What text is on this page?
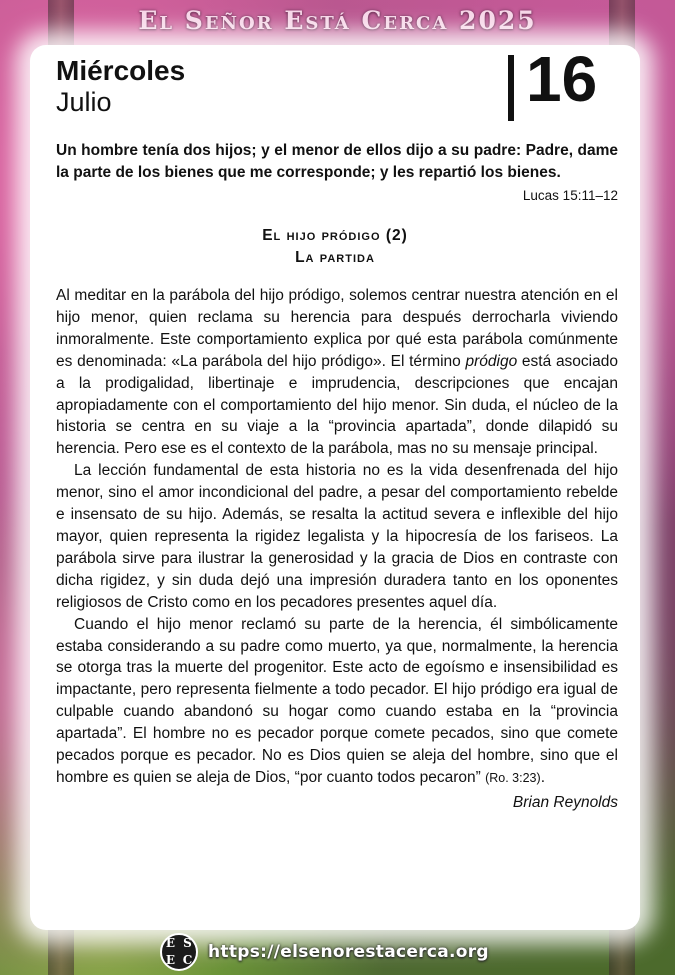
El Señor Está Cerca 2025
Miércoles
Julio	16
Un hombre tenía dos hijos; y el menor de ellos dijo a su padre: Padre, dame la parte de los bienes que me corresponde; y les repartió los bienes.
Lucas 15:11–12
El hijo pródigo (2)
La partida

Al meditar en la parábola del hijo pródigo, solemos centrar nuestra atención en el hijo menor, quien reclama su herencia para después derrocharla viviendo inmoralmente. Este comportamiento explica por qué esta parábola comúnmente es denominada: «La parábola del hijo pródigo». El término pródigo está asociado a la prodigalidad, libertinaje e imprudencia, descripciones que encajan apropiadamente con el comportamiento del hijo menor. Sin duda, el núcleo de la historia se centra en su viaje a la “provincia apartada”, donde dilapidó su herencia. Pero ese es el contexto de la parábola, mas no su mensaje principal.

La lección fundamental de esta historia no es la vida desenfrenada del hijo menor, sino el amor incondicional del padre, a pesar del comportamiento rebelde e insensato de su hijo. Además, se resalta la actitud severa e inflexible del hijo mayor, quien representa la rigidez legalista y la hipocresía de los fariseos. La parábola sirve para ilustrar la generosidad y la gracia de Dios en contraste con dicha rigidez, y sin duda dejó una impresión duradera tanto en los oponentes religiosos de Cristo como en los pecadores presentes aquel día.

Cuando el hijo menor reclamó su parte de la herencia, él simbólicamente estaba considerando a su padre como muerto, ya que, normalmente, la herencia se otorga tras la muerte del progenitor. Este acto de egoísmo e insensibilidad es impactante, pero representa fielmente a todo pecador. El hijo pródigo era igual de culpable cuando abandonó su hogar como cuando estaba en la “provincia apartada”. El hombre no es pecador porque comete pecados, sino que comete pecados porque es pecador. No es Dios quien se aleja del hombre, sino que el hombre es quien se aleja de Dios, “por cuanto todos pecaron” (Ro. 3:23).

Brian Reynolds
E S
E C https://elsenorestacerca.org
